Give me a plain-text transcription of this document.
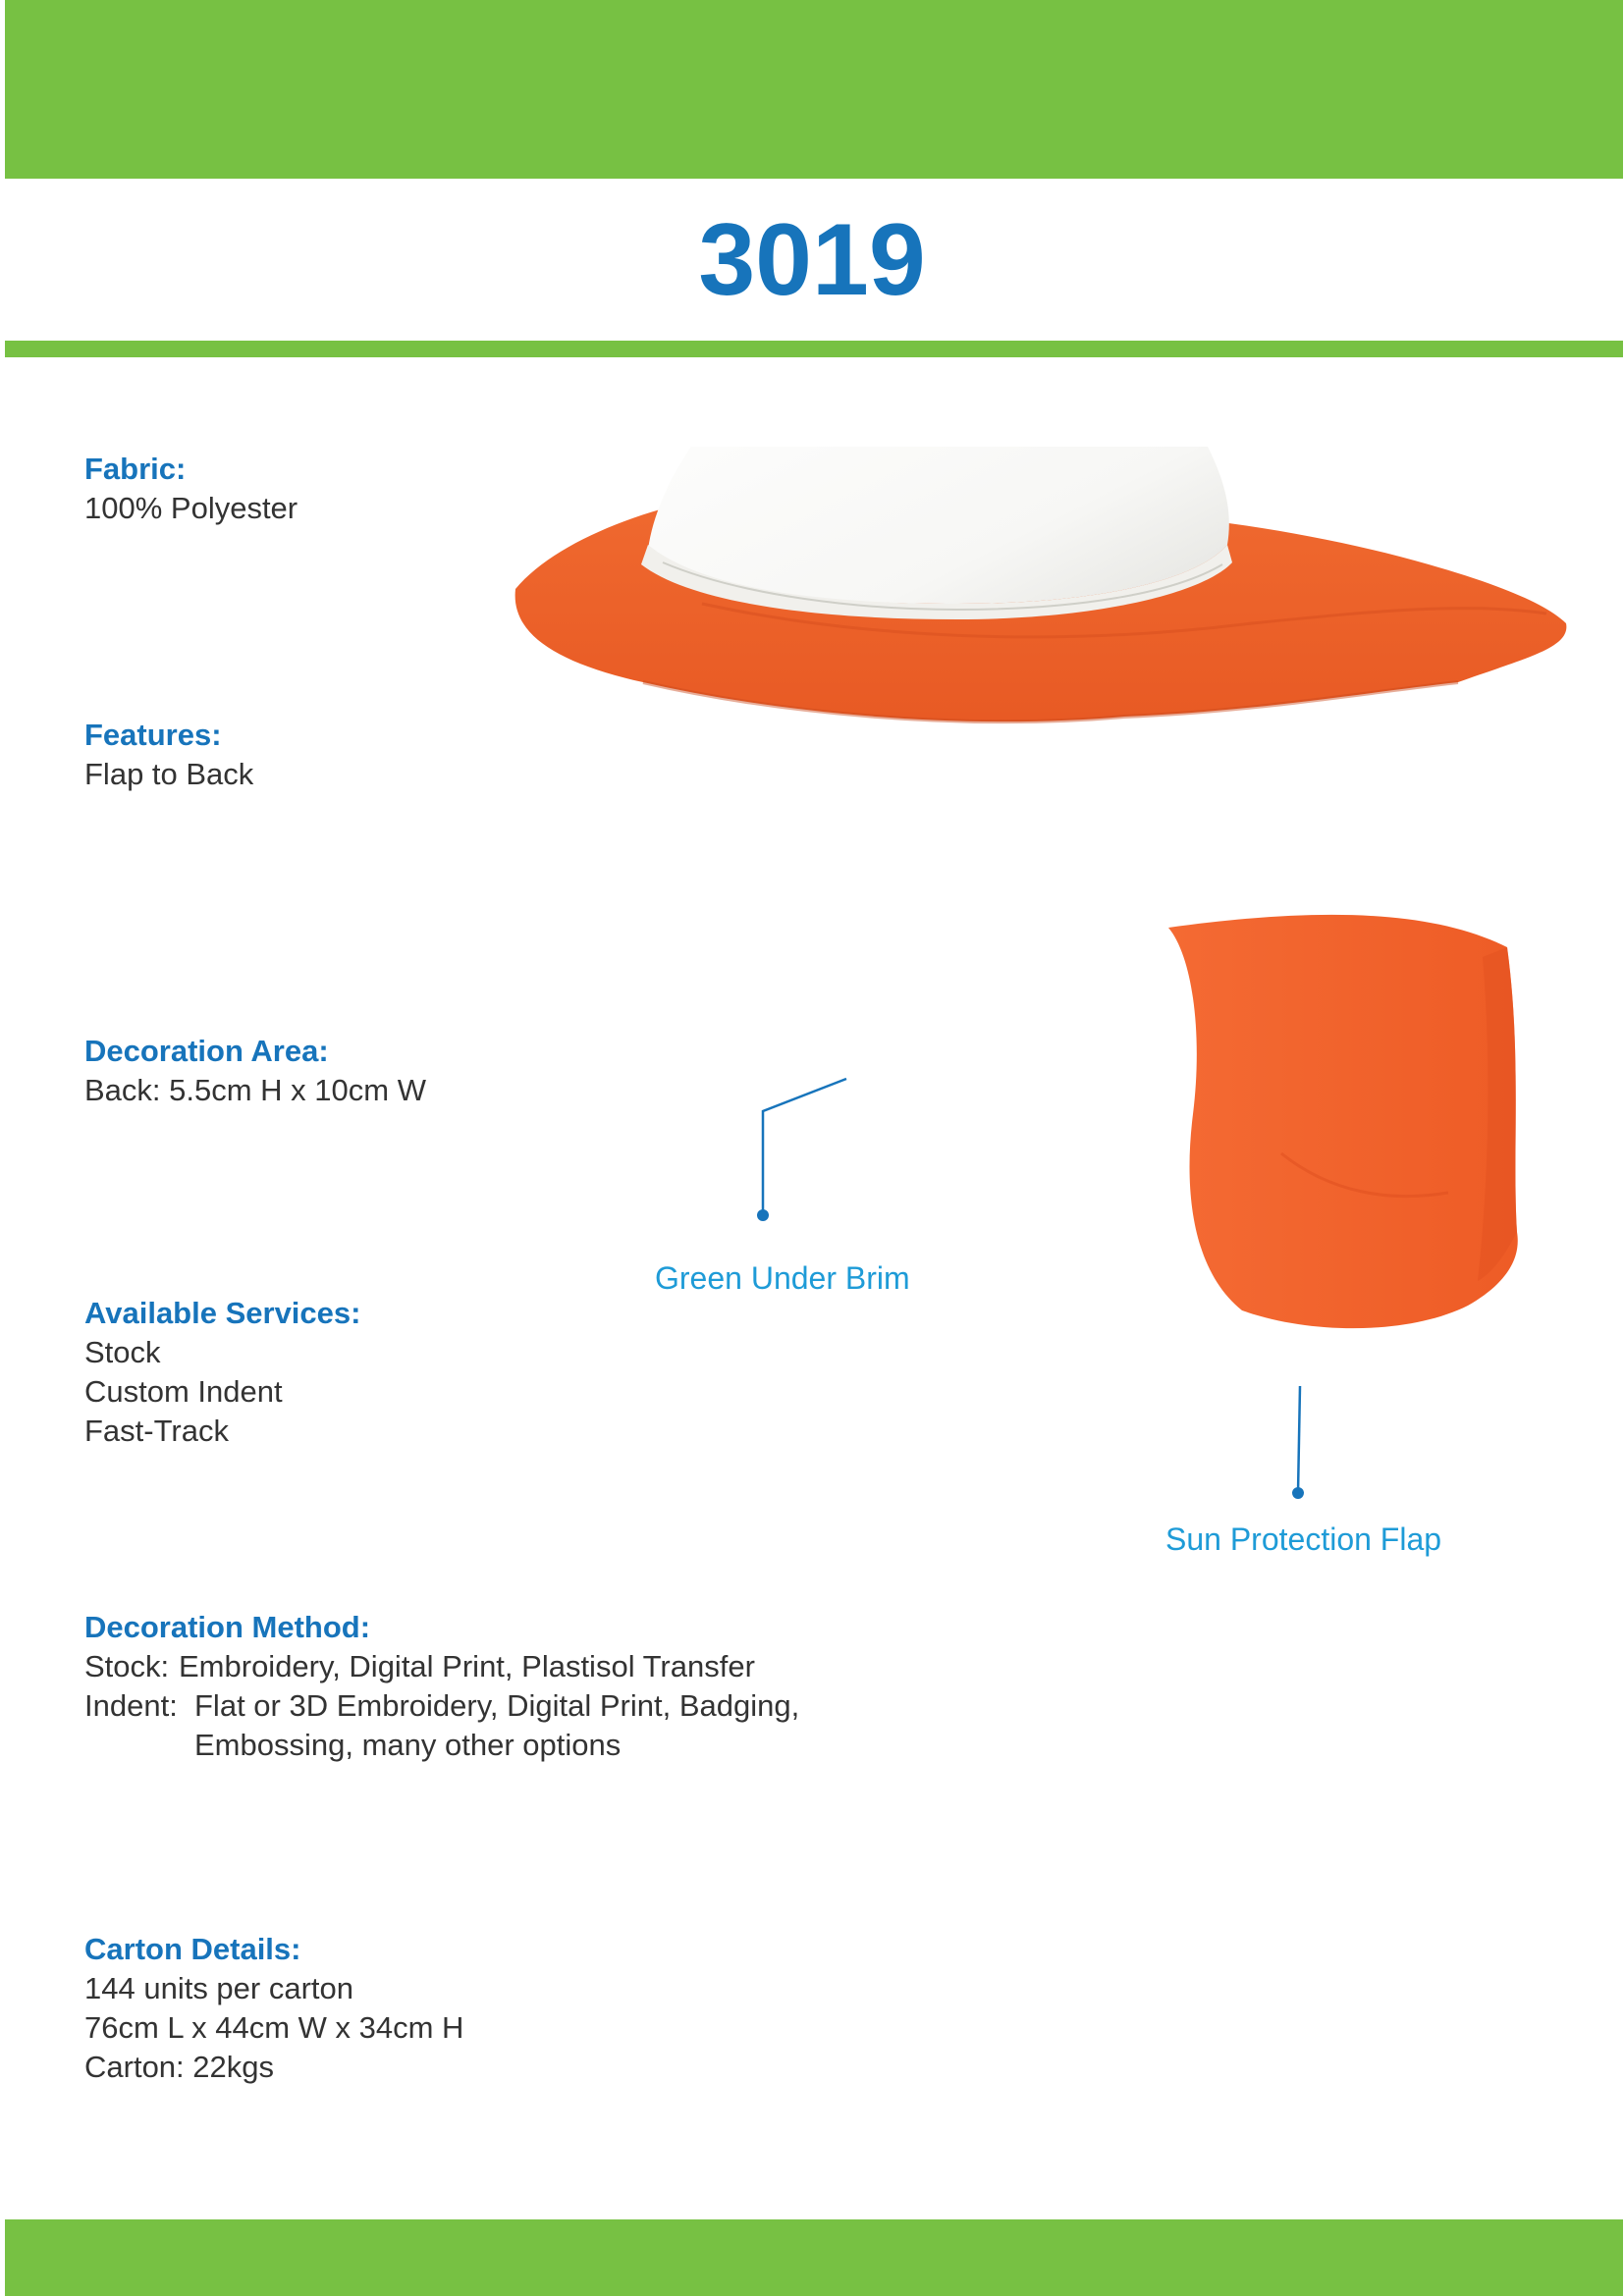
3019

Fabric:

100% Polyester

Features:

Flap to Back

Decoration Area:

Back: 5.5cm H x 10cm W

Available Services:

Stock

Custom Indent

Fast-Track

Decoration Method:

Stock: Embroidery, Digital Print, Plastisol Transfer
Indent: Flat or 3D Embroidery, Digital Print, Badging,
Embossing, many other options

Carton Details:

144 units per carton

76cm L x 44cm W x 34cm H

Carton: 22kgs

Green Under Brim
Sun Protection Flap
